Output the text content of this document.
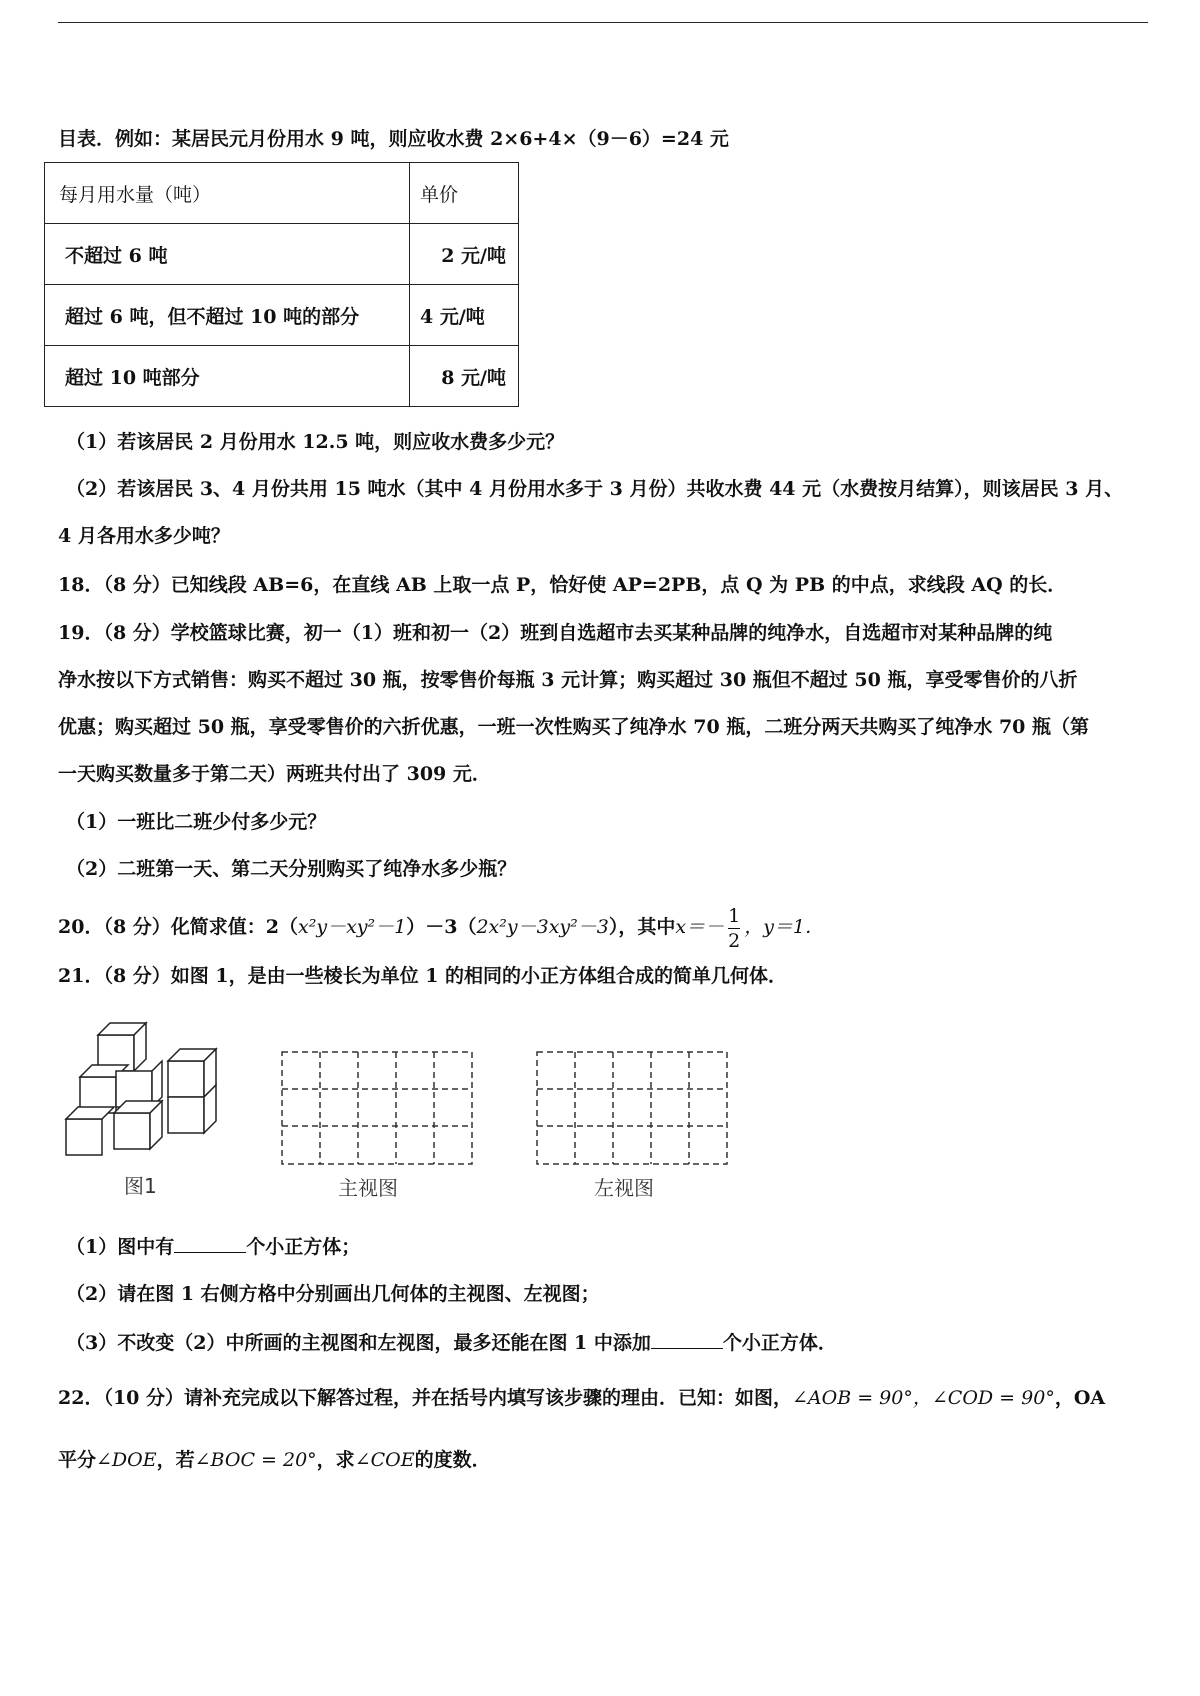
目表．例如：某居民元月份用水 9 吨，则应收水费 2×6+4×（9－6）=24 元
每月用水量（吨）	单价
不超过 6 吨	2 元/吨
超过 6 吨，但不超过 10 吨的部分	4 元/吨
超过 10 吨部分	8 元/吨
（1）若该居民 2 月份用水 12.5 吨，则应收水费多少元？
（2）若该居民 3、4 月份共用 15 吨水（其中 4 月份用水多于 3 月份）共收水费 44 元（水费按月结算），则该居民 3 月、
4 月各用水多少吨？
18．（8 分）已知线段 AB=6，在直线 AB 上取一点 P，恰好使 AP=2PB，点 Q 为 PB 的中点，求线段 AQ 的长．
19．（8 分）学校篮球比赛，初一（1）班和初一（2）班到自选超市去买某种品牌的纯净水，自选超市对某种品牌的纯
净水按以下方式销售：购买不超过 30 瓶，按零售价每瓶 3 元计算；购买超过 30 瓶但不超过 50 瓶，享受零售价的八折
优惠；购买超过 50 瓶，享受零售价的六折优惠，一班一次性购买了纯净水 70 瓶，二班分两天共购买了纯净水 70 瓶（第
一天购买数量多于第二天）两班共付出了 309 元．
（1）一班比二班少付多少元？
（2）二班第一天、第二天分别购买了纯净水多少瓶？
20．（8 分）化简求值：2（x²y－xy²－1）－3（2x²y－3xy²－3），其中$x=- \frac{1}{2}$ ，y＝1．
21．（8 分）如图 1，是由一些棱长为单位 1 的相同的小正方体组合成的简单几何体．
图1	主视图	左视图
（1）图中有	个小正方体；
（2）请在图 1 右侧方格中分别画出几何体的主视图、左视图；
（3）不改变（2）中所画的主视图和左视图，最多还能在图 1 中添加	个小正方体．
22．（10 分）请补充完成以下解答过程，并在括号内填写该步骤的理由．已知：如图，∠AOB = 90°，∠COD = 90°，OA
平分∠DOE，若∠BOC = 20°，求∠COE的度数．
